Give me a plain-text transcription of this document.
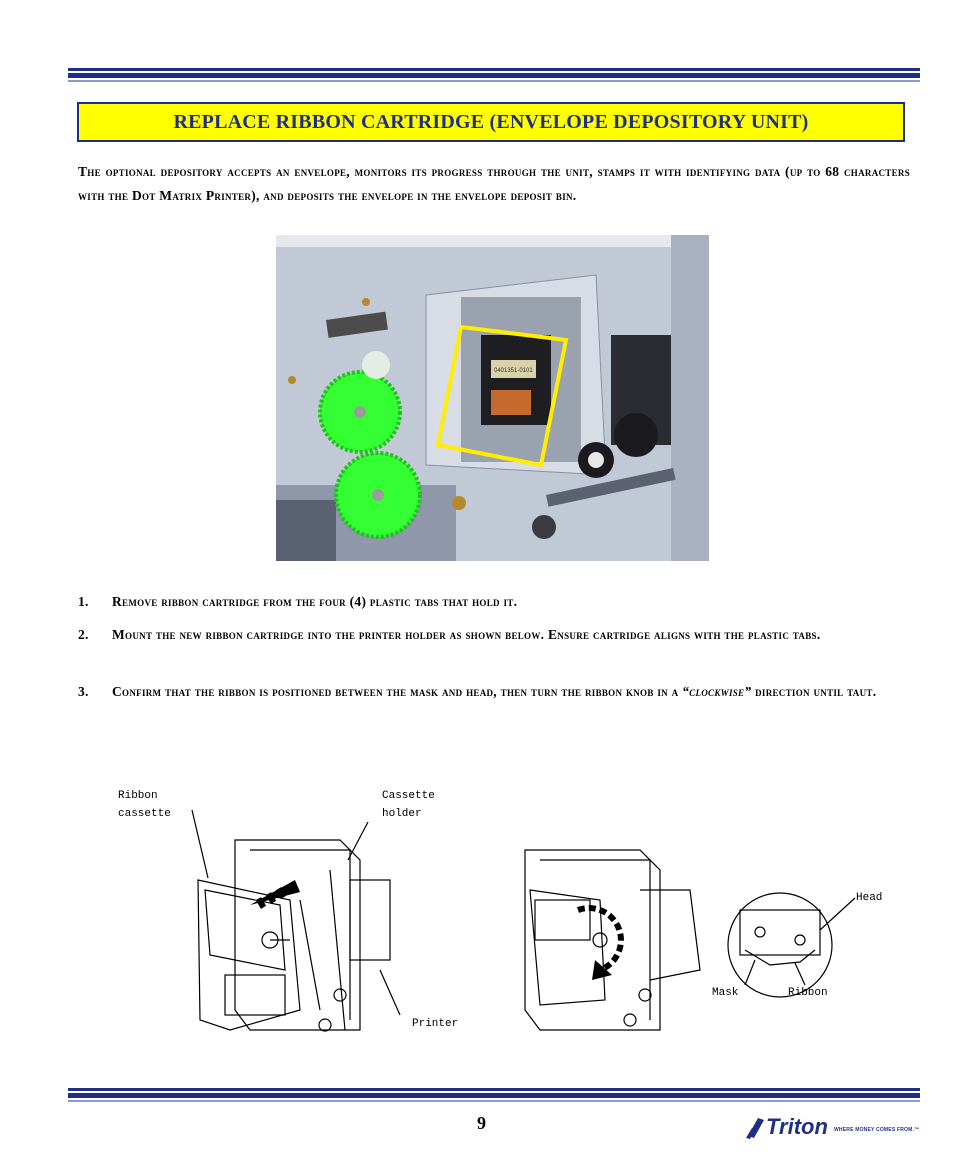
REPLACE RIBBON CARTRIDGE (ENVELOPE DEPOSITORY UNIT)
The optional depository accepts an envelope, monitors its progress through the unit, stamps it with identifying data (up to 68 characters with the Dot Matrix Printer), and deposits the envelope in the envelope deposit bin.
0401351-0101
1. Remove ribbon cartridge from the four (4) plastic tabs that hold it.
2. Mount the new ribbon cartridge into the printer holder as shown below. Ensure cartridge aligns with the plastic tabs.
3. Confirm that the ribbon is positioned between the mask and head, then turn the ribbon knob in a “clockwise” direction until taut.
Ribbon
cassette
Cassette
holder
Printer
Head
Mask	Ribbon
9	Triton WHERE MONEY COMES FROM.™
